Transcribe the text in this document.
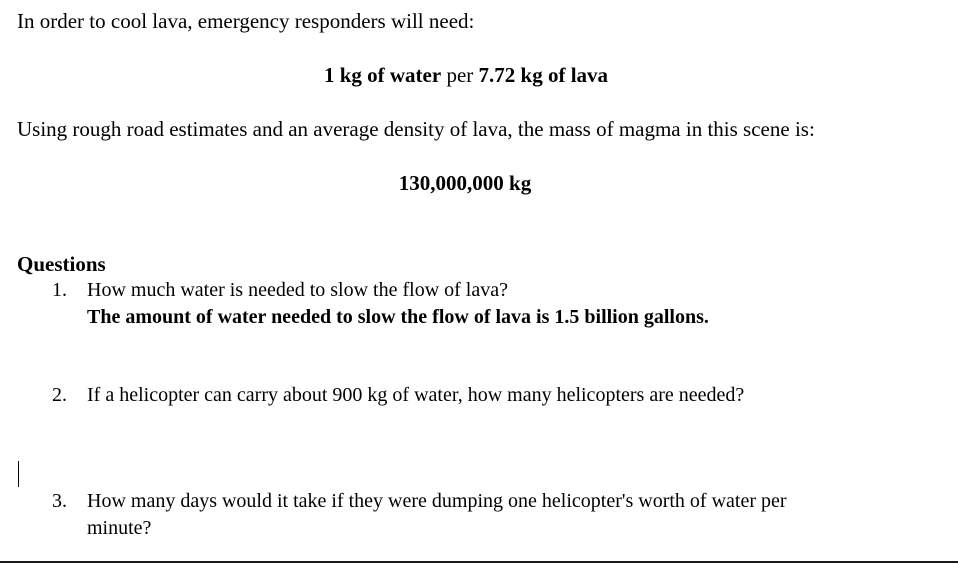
In order to cool lava, emergency responders will need:
1 kg of water per 7.72 kg of lava
Using rough road estimates and an average density of lava, the mass of magma in this scene is:
130,000,000 kg
Questions
1. How much water is needed to slow the flow of lava?
The amount of water needed to slow the flow of lava is 1.5 billion gallons.
2. If a helicopter can carry about 900 kg of water, how many helicopters are needed?
3. How many days would it take if they were dumping one helicopter's worth of water per
minute?
